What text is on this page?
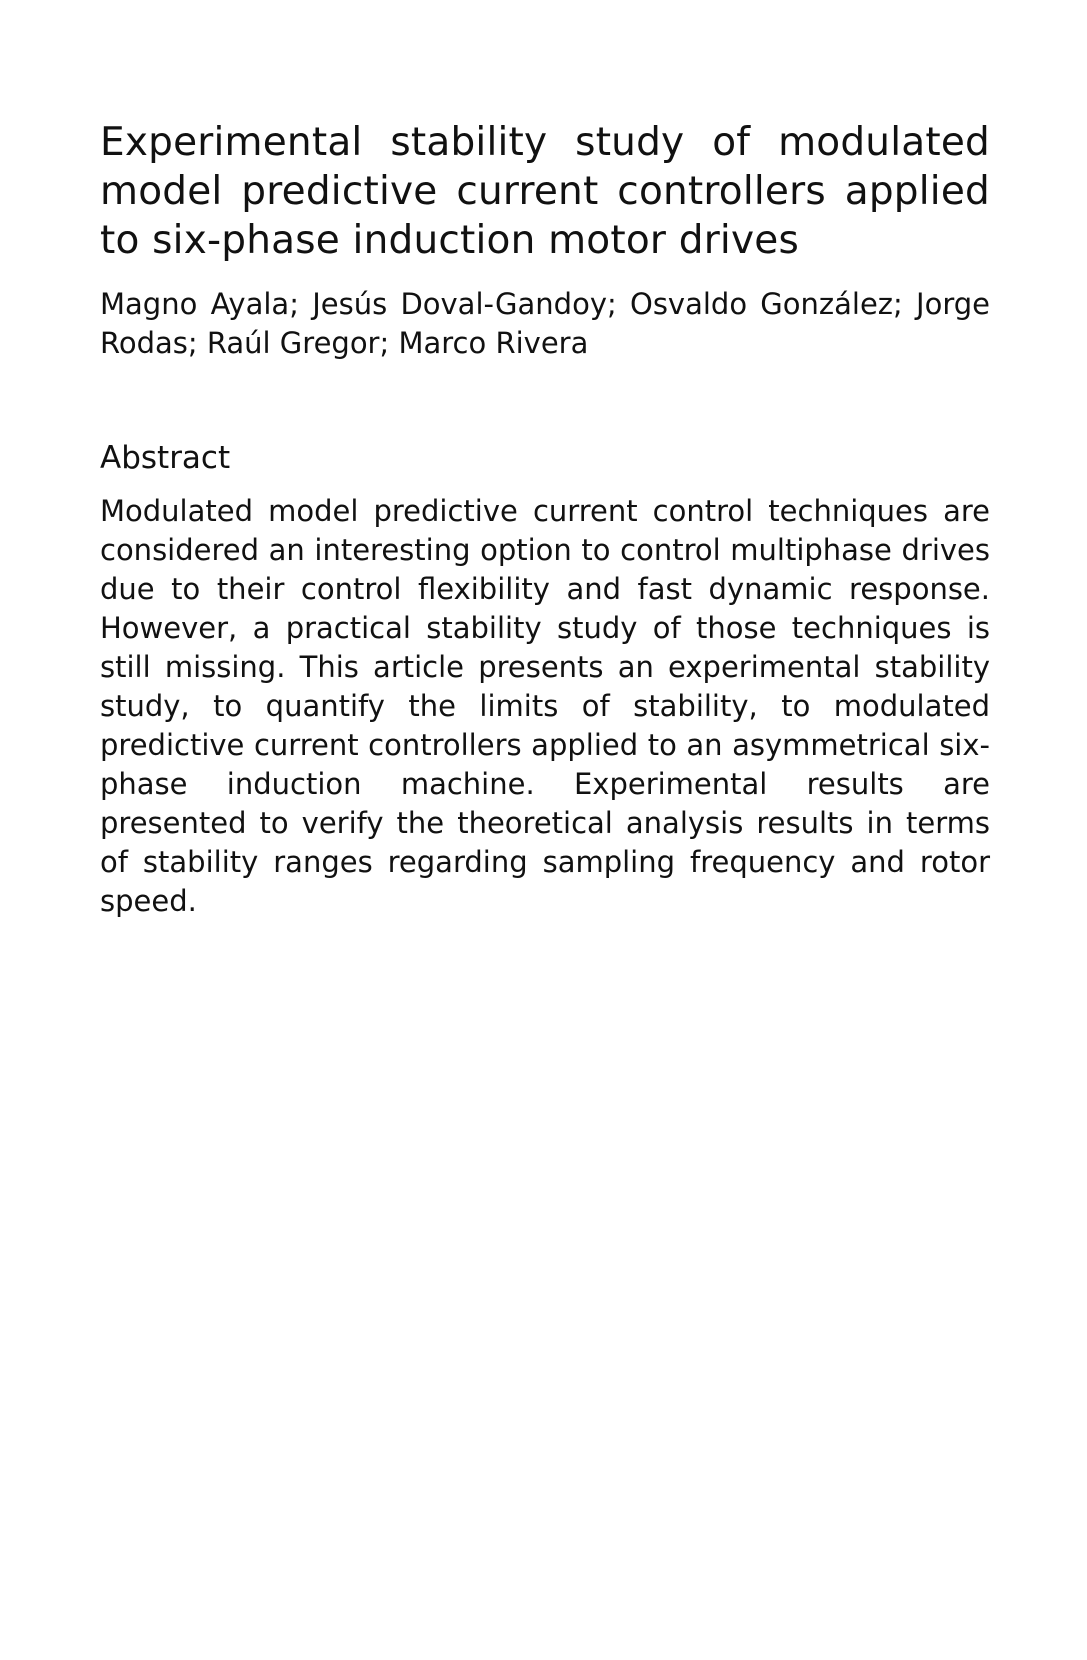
Experimental stability study of modulated model predictive current controllers applied to six-phase induction motor drives

Magno Ayala; Jesús Doval-Gandoy; Osvaldo González; Jorge Rodas; Raúl Gregor; Marco Rivera

Abstract

Modulated model predictive current control techniques are considered an interesting option to control multiphase drives due to their control flexibility and fast dynamic response. However, a practical stability study of those techniques is still missing. This article presents an experimental stability study, to quantify the limits of stability, to modulated predictive current controllers applied to an asymmetrical six-phase induction machine. Experimental results are presented to verify the theoretical analysis results in terms of stability ranges regarding sampling frequency and rotor speed.
